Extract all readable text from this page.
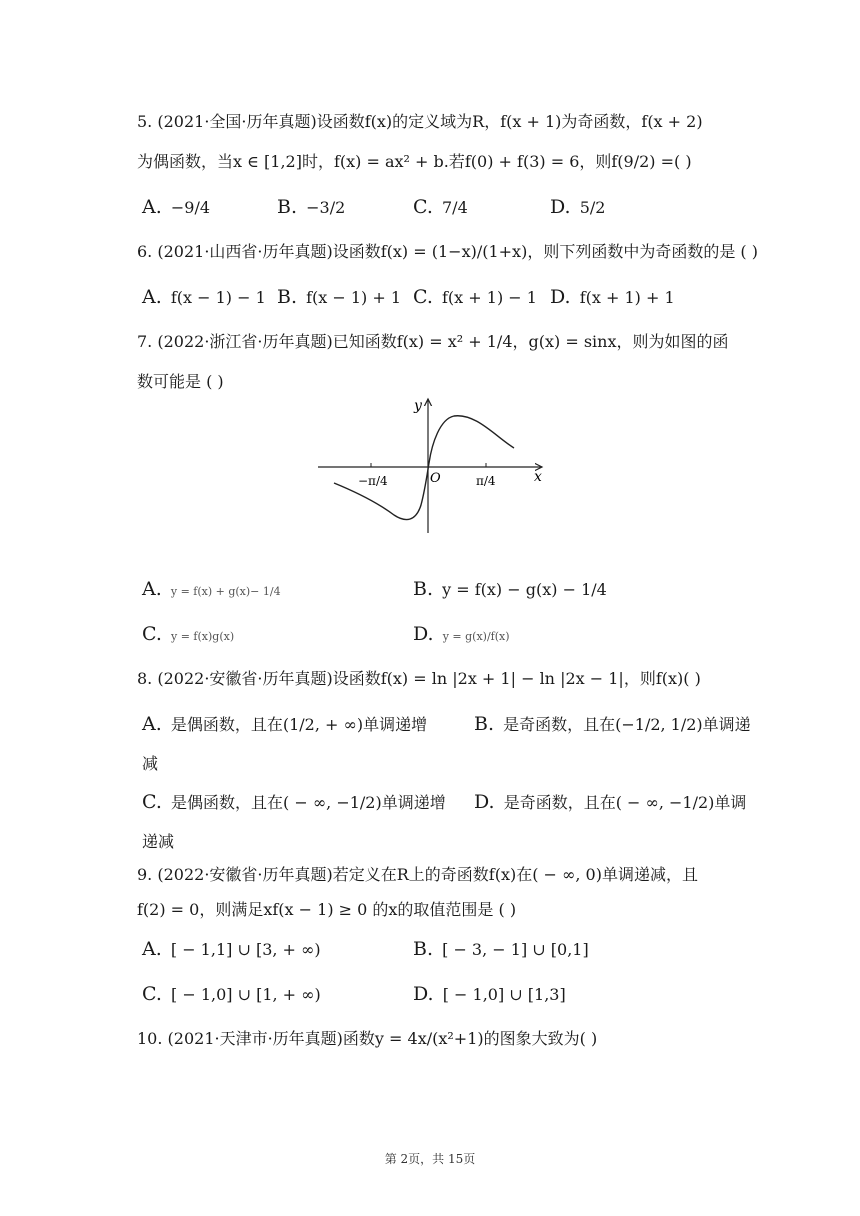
5. (2021·全国·历年真题)设函数f(x)的定义域为R，f(x + 1)为奇函数，f(x + 2)
为偶函数，当x ∈ [1,2]时，f(x) = ax² + b.若f(0) + f(3) = 6，则f(9/2) =( )
A. −9/4	B. −3/2	C. 7/4	D. 5/2
6. (2021·山西省·历年真题)设函数f(x) = (1−x)/(1+x)，则下列函数中为奇函数的是 ( )
A. f(x − 1) − 1 B. f(x − 1) + 1 C. f(x + 1) − 1 D. f(x + 1) + 1
7. (2022·浙江省·历年真题)已知函数f(x) = x² + 1/4，g(x) = sinx，则为如图的函
数可能是 ( )
y
x
O
−π/4	π/4
A. y = f(x) + g(x)− 1/4	B. y = f(x) − g(x) − 1/4
C. y = f(x)g(x)	D. y = g(x)/f(x)
8. (2022·安徽省·历年真题)设函数f(x) = ln |2x + 1| − ln |2x − 1|，则f(x)( )
A. 是偶函数，且在(1/2, + ∞)单调递增 B. 是奇函数，且在(−1/2, 1/2)单调递
减
C. 是偶函数，且在( − ∞, −1/2)单调递增 D. 是奇函数，且在( − ∞, −1/2)单调
递减
9. (2022·安徽省·历年真题)若定义在R上的奇函数f(x)在( − ∞, 0)单调递减，且
f(2) = 0，则满足xf(x − 1) ≥ 0 的x的取值范围是 ( )
A. [ − 1,1] ∪ [3, + ∞)	B. [ − 3, − 1] ∪ [0,1]
C. [ − 1,0] ∪ [1, + ∞)	D. [ − 1,0] ∪ [1,3]
10. (2021·天津市·历年真题)函数y = 4x/(x²+1)的图象大致为( )
第 2页，共 15页
